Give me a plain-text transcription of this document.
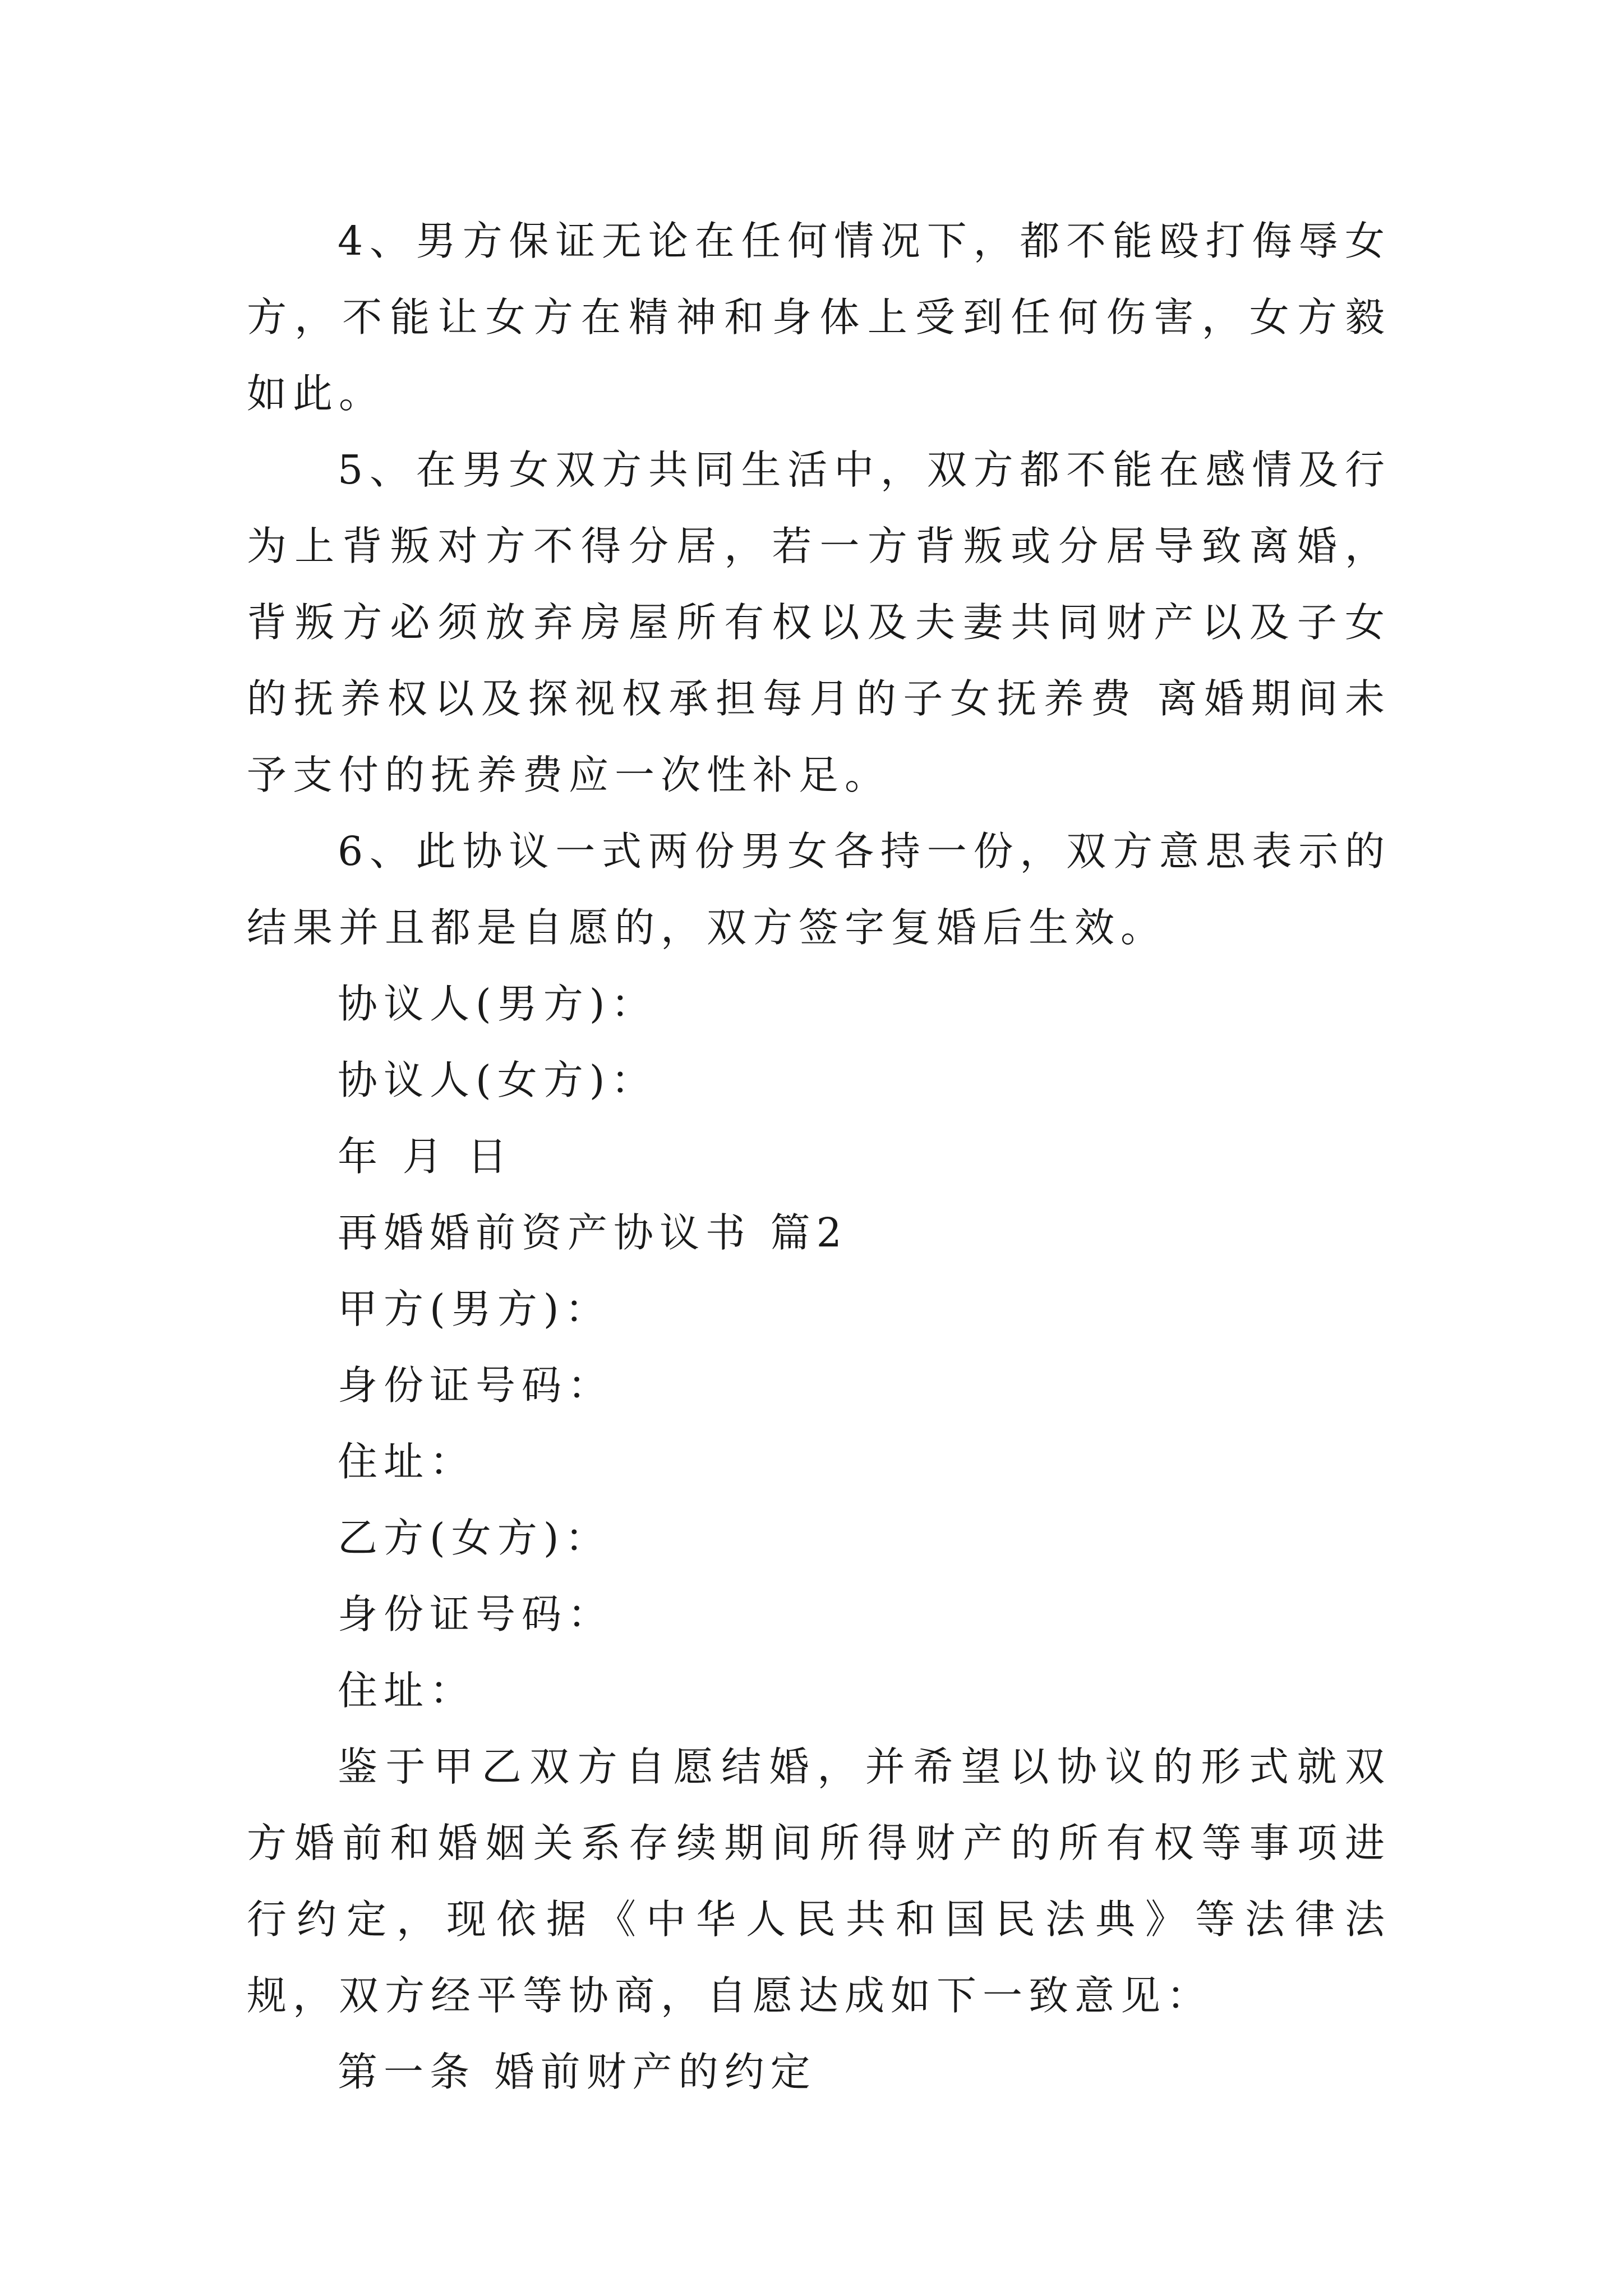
4、男方保证无论在任何情况下，都不能殴打侮辱女方，不能让女方在精神和身体上受到任何伤害，女方毅如此。

5、在男女双方共同生活中，双方都不能在感情及行为上背叛对方不得分居，若一方背叛或分居导致离婚，背叛方必须放弃房屋所有权以及夫妻共同财产以及子女的抚养权以及探视权承担每月的子女抚养费 离婚期间未予支付的抚养费应一次性补足。

6、此协议一式两份男女各持一份，双方意思表示的结果并且都是自愿的，双方签字复婚后生效。

协议人(男方)：

协议人(女方)：

年 月 日

再婚婚前资产协议书 篇2

甲方(男方)：

身份证号码：

住址：

乙方(女方)：

身份证号码：

住址：

鉴于甲乙双方自愿结婚，并希望以协议的形式就双方婚前和婚姻关系存续期间所得财产的所有权等事项进行约定，现依据《中华人民共和国民法典》等法律法规，双方经平等协商，自愿达成如下一致意见：

第一条 婚前财产的约定
